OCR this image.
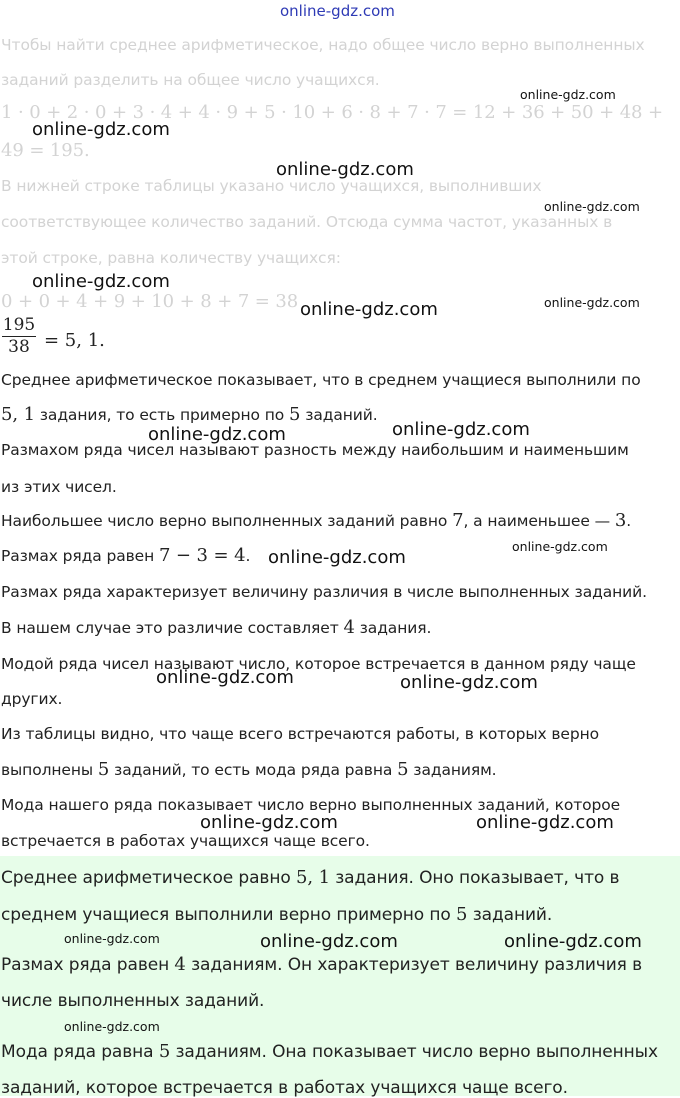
online-gdz.com

Чтобы найти среднее арифметическое, надо общее число верно выполненных

заданий разделить на общее число учащихся.

1 · 0 + 2 · 0 + 3 · 4 + 4 · 9 + 5 · 10 + 6 · 8 + 7 · 7 = 12 + 36 + 50 + 48 +

49 = 195.

В нижней строке таблицы указано число учащихся, выполнивших

соответствующее количество заданий. Отсюда сумма частот, указанных в

этой строке, равна количеству учащихся:

0 + 0 + 4 + 9 + 10 + 8 + 7 = 38

195
38 = 5, 1.

Среднее арифметическое показывает, что в среднем учащиеся выполнили по

5, 1 задания, то есть примерно по 5 заданий.

Размахом ряда чисел называют разность между наибольшим и наименьшим

из этих чисел.

Наибольшее число верно выполненных заданий равно 7, а наименьшее — 3.

Размах ряда равен 7 − 3 = 4.

Размах ряда характеризует величину различия в числе выполненных заданий.

В нашем случае это различие составляет 4 задания.

Модой ряда чисел называют число, которое встречается в данном ряду чаще

других.

Из таблицы видно, что чаще всего встречаются работы, в которых верно

выполнены 5 заданий, то есть мода ряда равна 5 заданиям.

Мода нашего ряда показывает число верно выполненных заданий, которое

встречается в работах учащихся чаще всего.

Среднее арифметическое равно 5, 1 задания. Оно показывает, что в

среднем учащиеся выполнили верно примерно по 5 заданий.

Размах ряда равен 4 заданиям. Он характеризует величину различия в

числе выполненных заданий.

Мода ряда равна 5 заданиям. Она показывает число верно выполненных

заданий, которое встречается в работах учащихся чаще всего.

online-gdz.com
online-gdz.com
online-gdz.com
online-gdz.com
online-gdz.com
online-gdz.com	online-gdz.com
online-gdz.com	online-gdz.com
online-gdz.com
online-gdz.com
online-gdz.com	online-gdz.com
online-gdz.com	online-gdz.com
online-gdz.com	online-gdz.com	online-gdz.com
online-gdz.com
